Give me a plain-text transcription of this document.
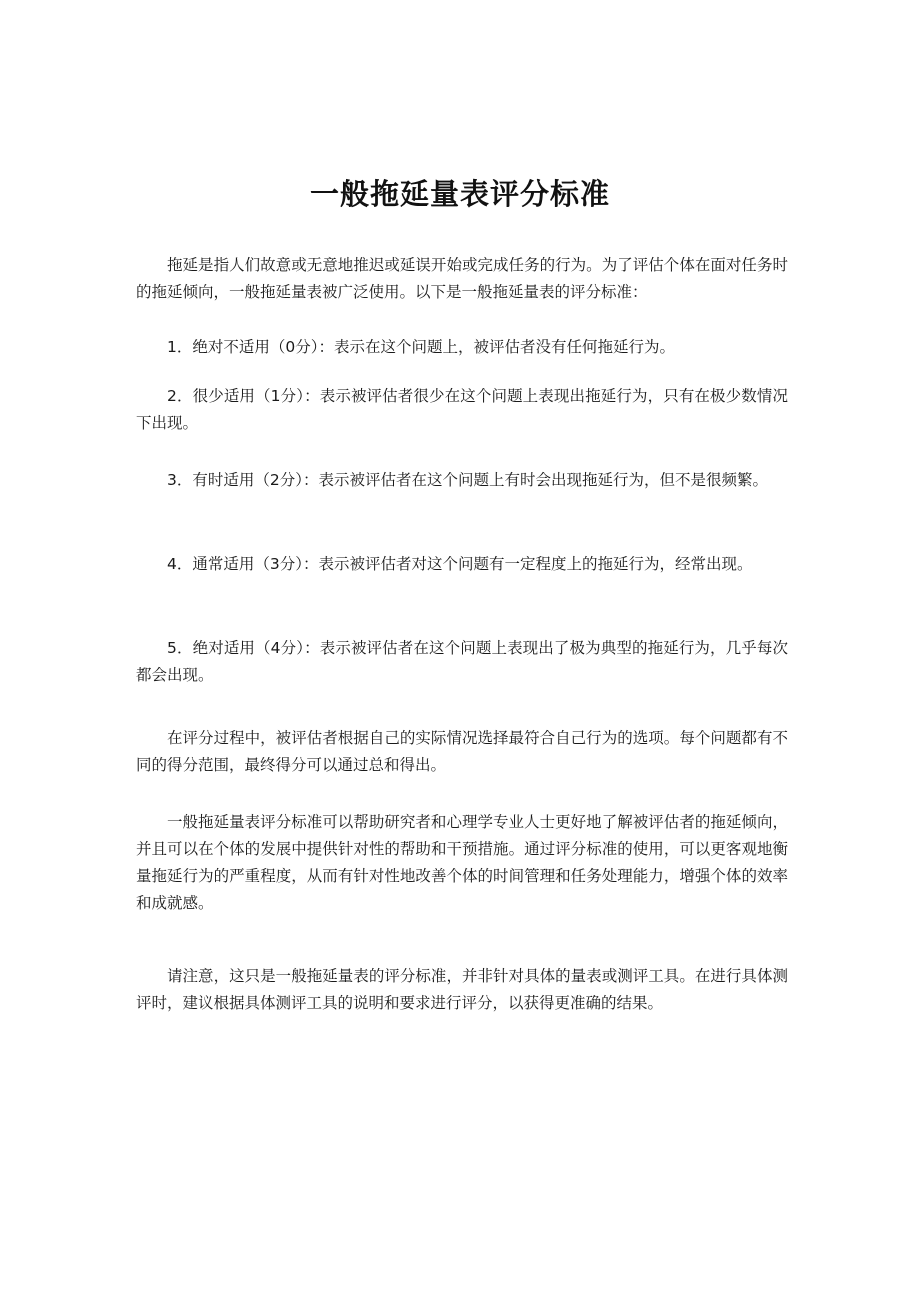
一般拖延量表评分标准

拖延是指人们故意或无意地推迟或延误开始或完成任务的行为。为了评估个体在面对任务时的拖延倾向，一般拖延量表被广泛使用。以下是一般拖延量表的评分标准：

1．绝对不适用（0分）：表示在这个问题上，被评估者没有任何拖延行为。

2．很少适用（1分）：表示被评估者很少在这个问题上表现出拖延行为，只有在极少数情况下出现。

3．有时适用（2分）：表示被评估者在这个问题上有时会出现拖延行为，但不是很频繁。

4．通常适用（3分）：表示被评估者对这个问题有一定程度上的拖延行为，经常出现。

5．绝对适用（4分）：表示被评估者在这个问题上表现出了极为典型的拖延行为，几乎每次都会出现。

在评分过程中，被评估者根据自己的实际情况选择最符合自己行为的选项。每个问题都有不同的得分范围，最终得分可以通过总和得出。

一般拖延量表评分标准可以帮助研究者和心理学专业人士更好地了解被评估者的拖延倾向，并且可以在个体的发展中提供针对性的帮助和干预措施。通过评分标准的使用，可以更客观地衡量拖延行为的严重程度，从而有针对性地改善个体的时间管理和任务处理能力，增强个体的效率和成就感。

请注意，这只是一般拖延量表的评分标准，并非针对具体的量表或测评工具。在进行具体测评时，建议根据具体测评工具的说明和要求进行评分，以获得更准确的结果。
